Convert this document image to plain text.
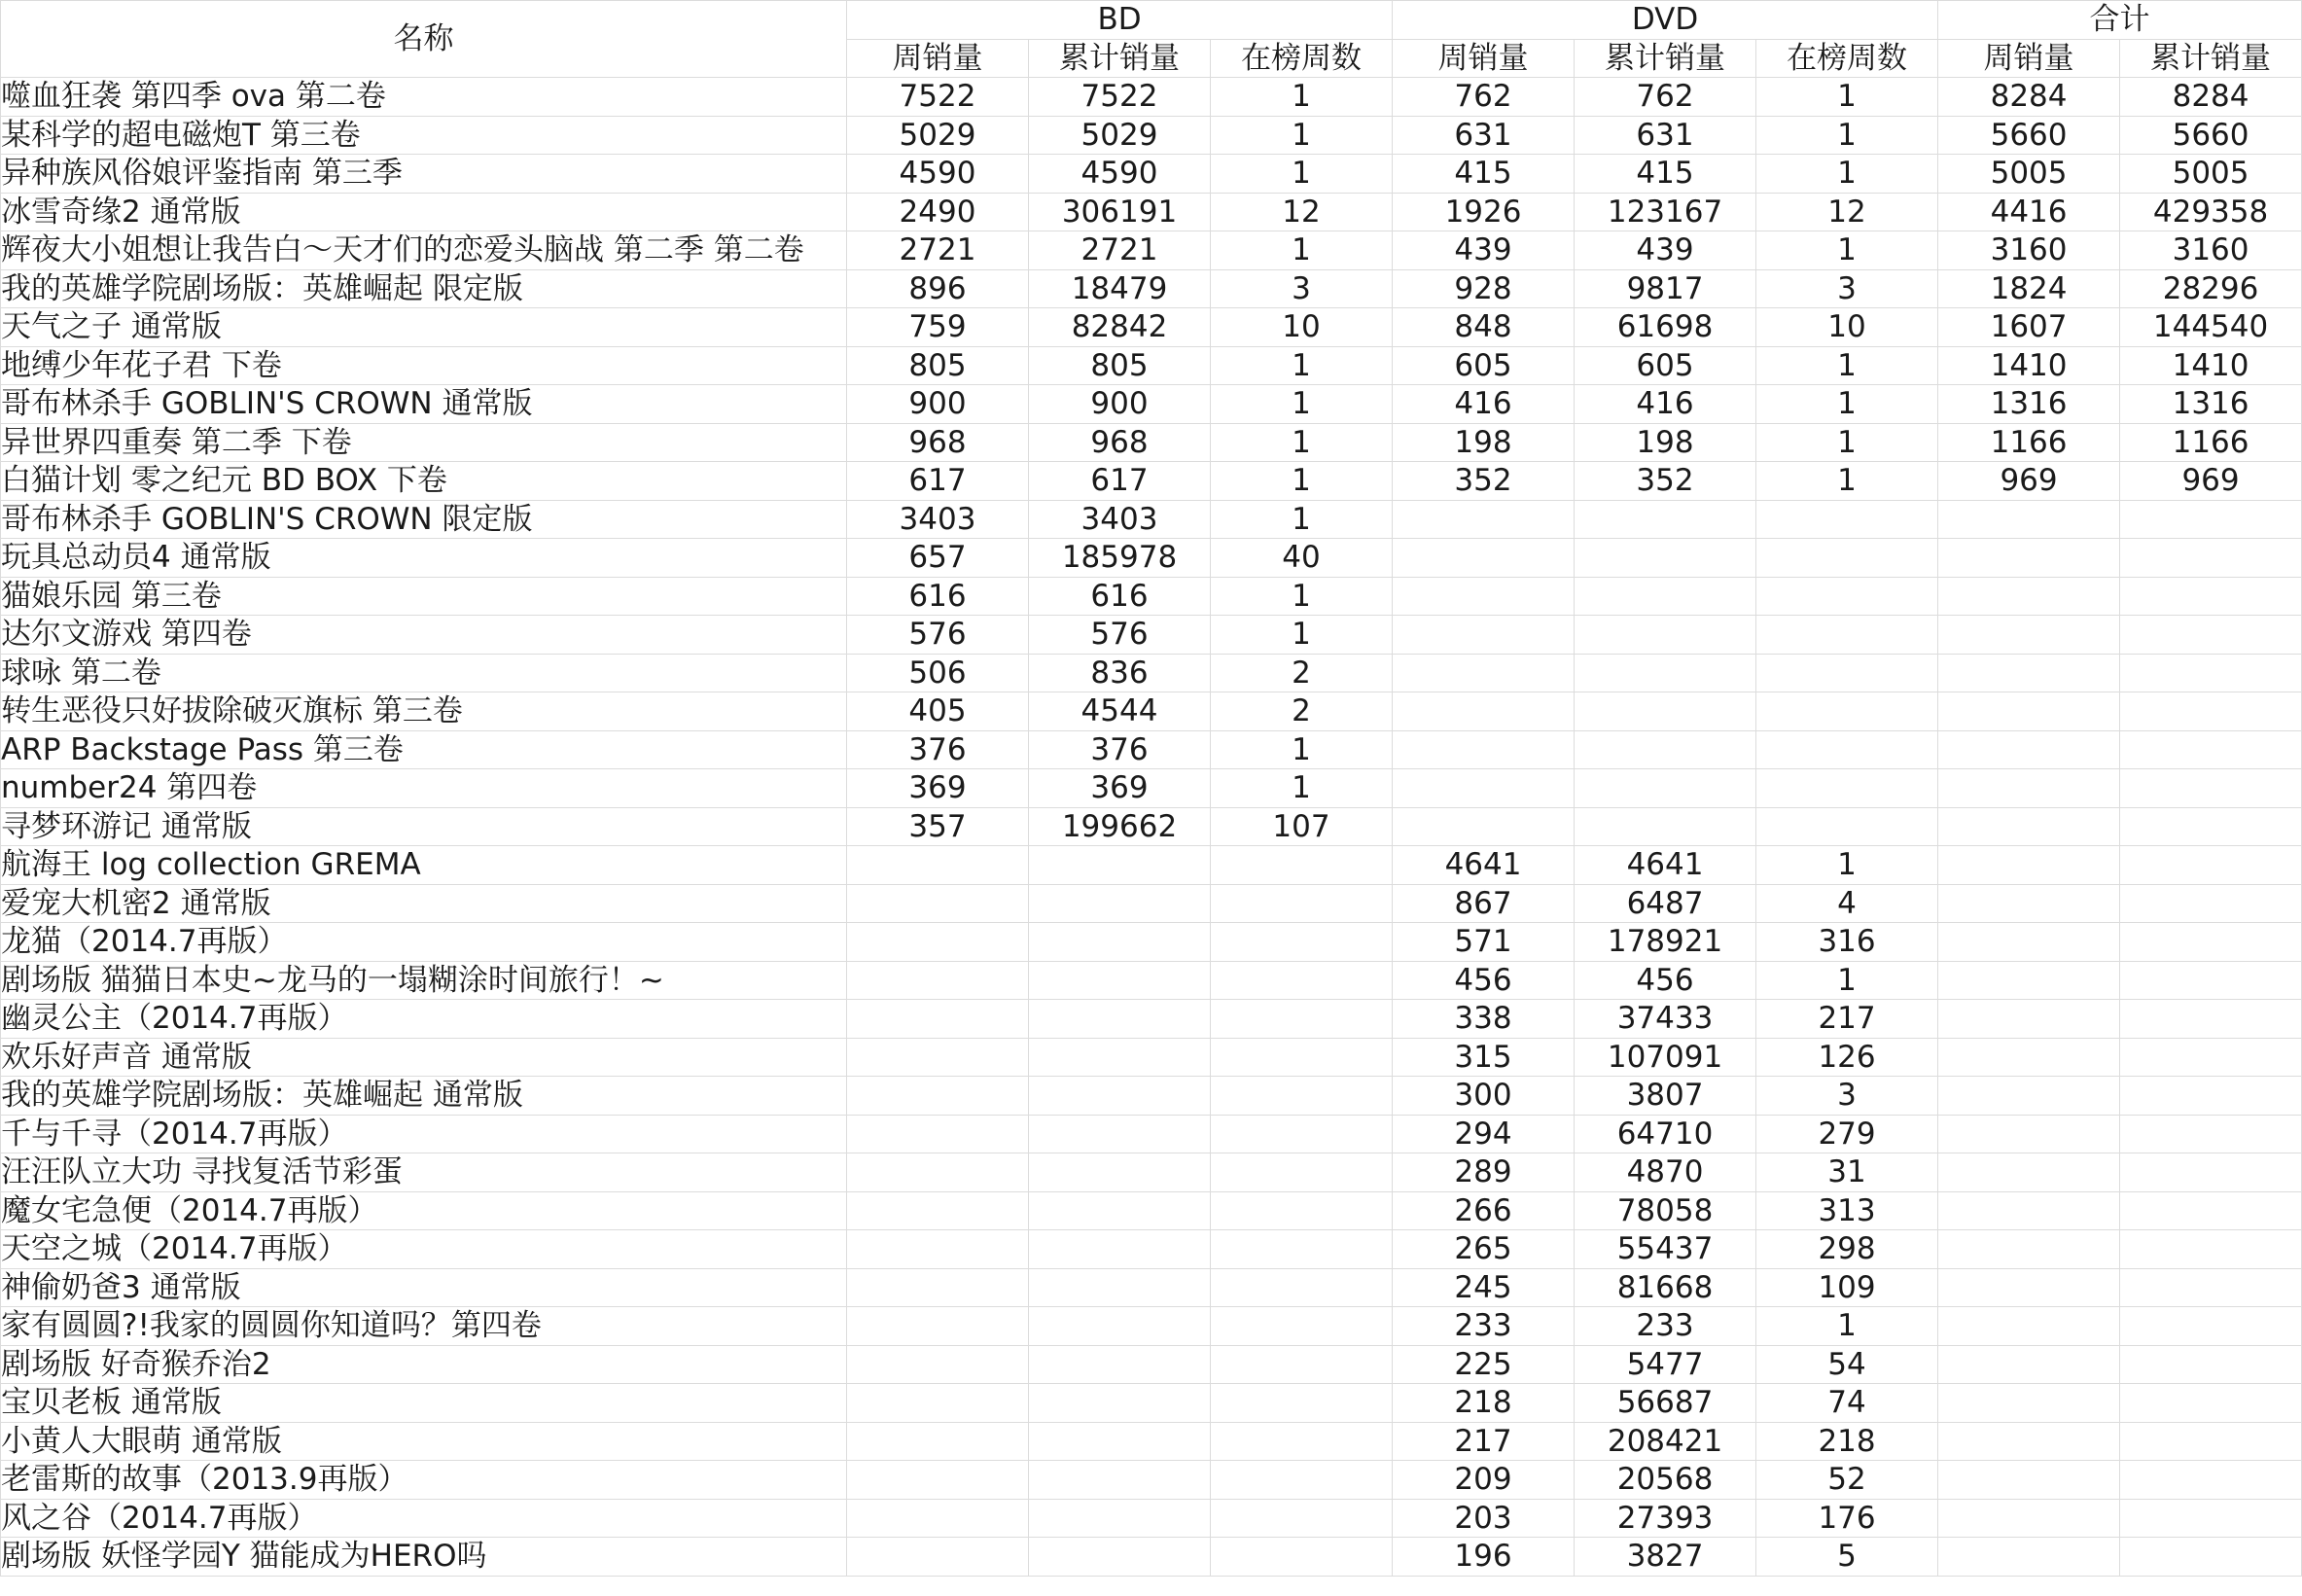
名称	BD			DVD			合计	
	周销量	累计销量	在榜周数	周销量	累计销量	在榜周数	周销量	累计销量
噬血狂袭 第四季 ova 第二卷	7522	7522	1	762	762	1	8284	8284
某科学的超电磁炮T 第三卷	5029	5029	1	631	631	1	5660	5660
异种族风俗娘评鉴指南 第三季	4590	4590	1	415	415	1	5005	5005
冰雪奇缘2 通常版	2490	306191	12	1926	123167	12	4416	429358
辉夜大小姐想让我告白～天才们的恋爱头脑战 第二季 第二卷	2721	2721	1	439	439	1	3160	3160
我的英雄学院剧场版：英雄崛起 限定版	896	18479	3	928	9817	3	1824	28296
天气之子 通常版	759	82842	10	848	61698	10	1607	144540
地缚少年花子君 下卷	805	805	1	605	605	1	1410	1410
哥布林杀手 GOBLIN'S CROWN 通常版	900	900	1	416	416	1	1316	1316
异世界四重奏 第二季 下卷	968	968	1	198	198	1	1166	1166
白猫计划 零之纪元 BD BOX 下卷	617	617	1	352	352	1	969	969
哥布林杀手 GOBLIN'S CROWN 限定版	3403	3403	1					
玩具总动员4 通常版	657	185978	40					
猫娘乐园 第三卷	616	616	1					
达尔文游戏 第四卷	576	576	1					
球咏 第二卷	506	836	2					
转生恶役只好拔除破灭旗标 第三卷	405	4544	2					
ARP Backstage Pass 第三卷	376	376	1					
number24 第四卷	369	369	1					
寻梦环游记 通常版	357	199662	107					
航海王 log collection GREMA				4641	4641	1		
爱宠大机密2 通常版				867	6487	4		
龙猫（2014.7再版）				571	178921	316		
剧场版 猫猫日本史~龙马的一塌糊涂时间旅行！~				456	456	1		
幽灵公主（2014.7再版）				338	37433	217		
欢乐好声音 通常版				315	107091	126		
我的英雄学院剧场版：英雄崛起 通常版				300	3807	3		
千与千寻（2014.7再版）				294	64710	279		
汪汪队立大功 寻找复活节彩蛋				289	4870	31		
魔女宅急便（2014.7再版）				266	78058	313		
天空之城（2014.7再版）				265	55437	298		
神偷奶爸3 通常版				245	81668	109		
家有圆圆?!我家的圆圆你知道吗？第四卷				233	233	1		
剧场版 好奇猴乔治2				225	5477	54		
宝贝老板 通常版				218	56687	74		
小黄人大眼萌 通常版				217	208421	218		
老雷斯的故事（2013.9再版）				209	20568	52		
风之谷（2014.7再版）				203	27393	176		
剧场版 妖怪学园Y 猫能成为HERO吗				196	3827	5		
